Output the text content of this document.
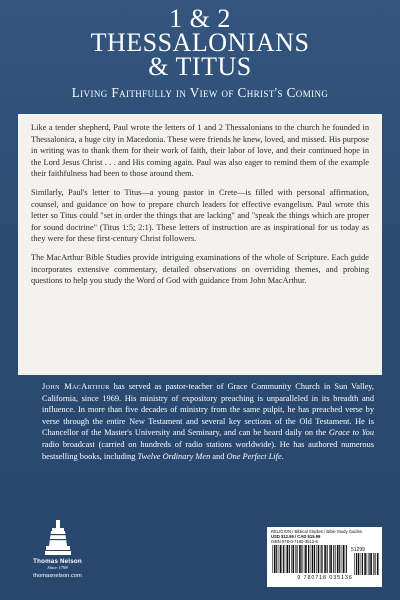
1 & 2
THESSALONIANS
& TITUS
Living Faithfully in View of Christ's Coming

Like a tender shepherd, Paul wrote the letters of 1 and 2 Thessalonians to the church he founded in Thessalonica, a huge city in Macedonia. These were friends he knew, loved, and missed. His purpose in writing was to thank them for their work of faith, their labor of love, and their continued hope in the Lord Jesus Christ . . . and His coming again. Paul was also eager to remind them of the example their faithfulness had been to those around them.

Similarly, Paul's letter to Titus—a young pastor in Crete—is filled with personal affirmation, counsel, and guidance on how to prepare church leaders for effective evangelism. Paul wrote this letter so Titus could "set in order the things that are lacking" and "speak the things which are proper for sound doctrine" (Titus 1:5; 2:1). These letters of instruction are as inspirational for us today as they were for these first-century Christ followers.

The MacArthur Bible Studies provide intriguing examinations of the whole of Scripture. Each guide incorporates extensive commentary, detailed observations on overriding themes, and probing questions to help you study the Word of God with guidance from John MacArthur.

John MacArthur has served as pastor-teacher of Grace Community Church in Sun Valley, California, since 1969. His ministry of expository preaching is unparalleled in its breadth and influence. In more than five decades of ministry from the same pulpit, he has preached verse by verse through the entire New Testament and several key sections of the Old Testament. He is Chancellor of the Master's University and Seminary, and can be heard daily on the Grace to You radio broadcast (carried on hundreds of radio stations worldwide). He has authored numerous bestselling books, including Twelve Ordinary Men and One Perfect Life.
Thomas Nelson
Since 1798
thomasnelson.com
RELIGION / Biblical Studies / Bible Study Guides
USD $12.99 / CAD $15.99
ISBN 978-0-7180-3513-6
51299
9 780718 035136
